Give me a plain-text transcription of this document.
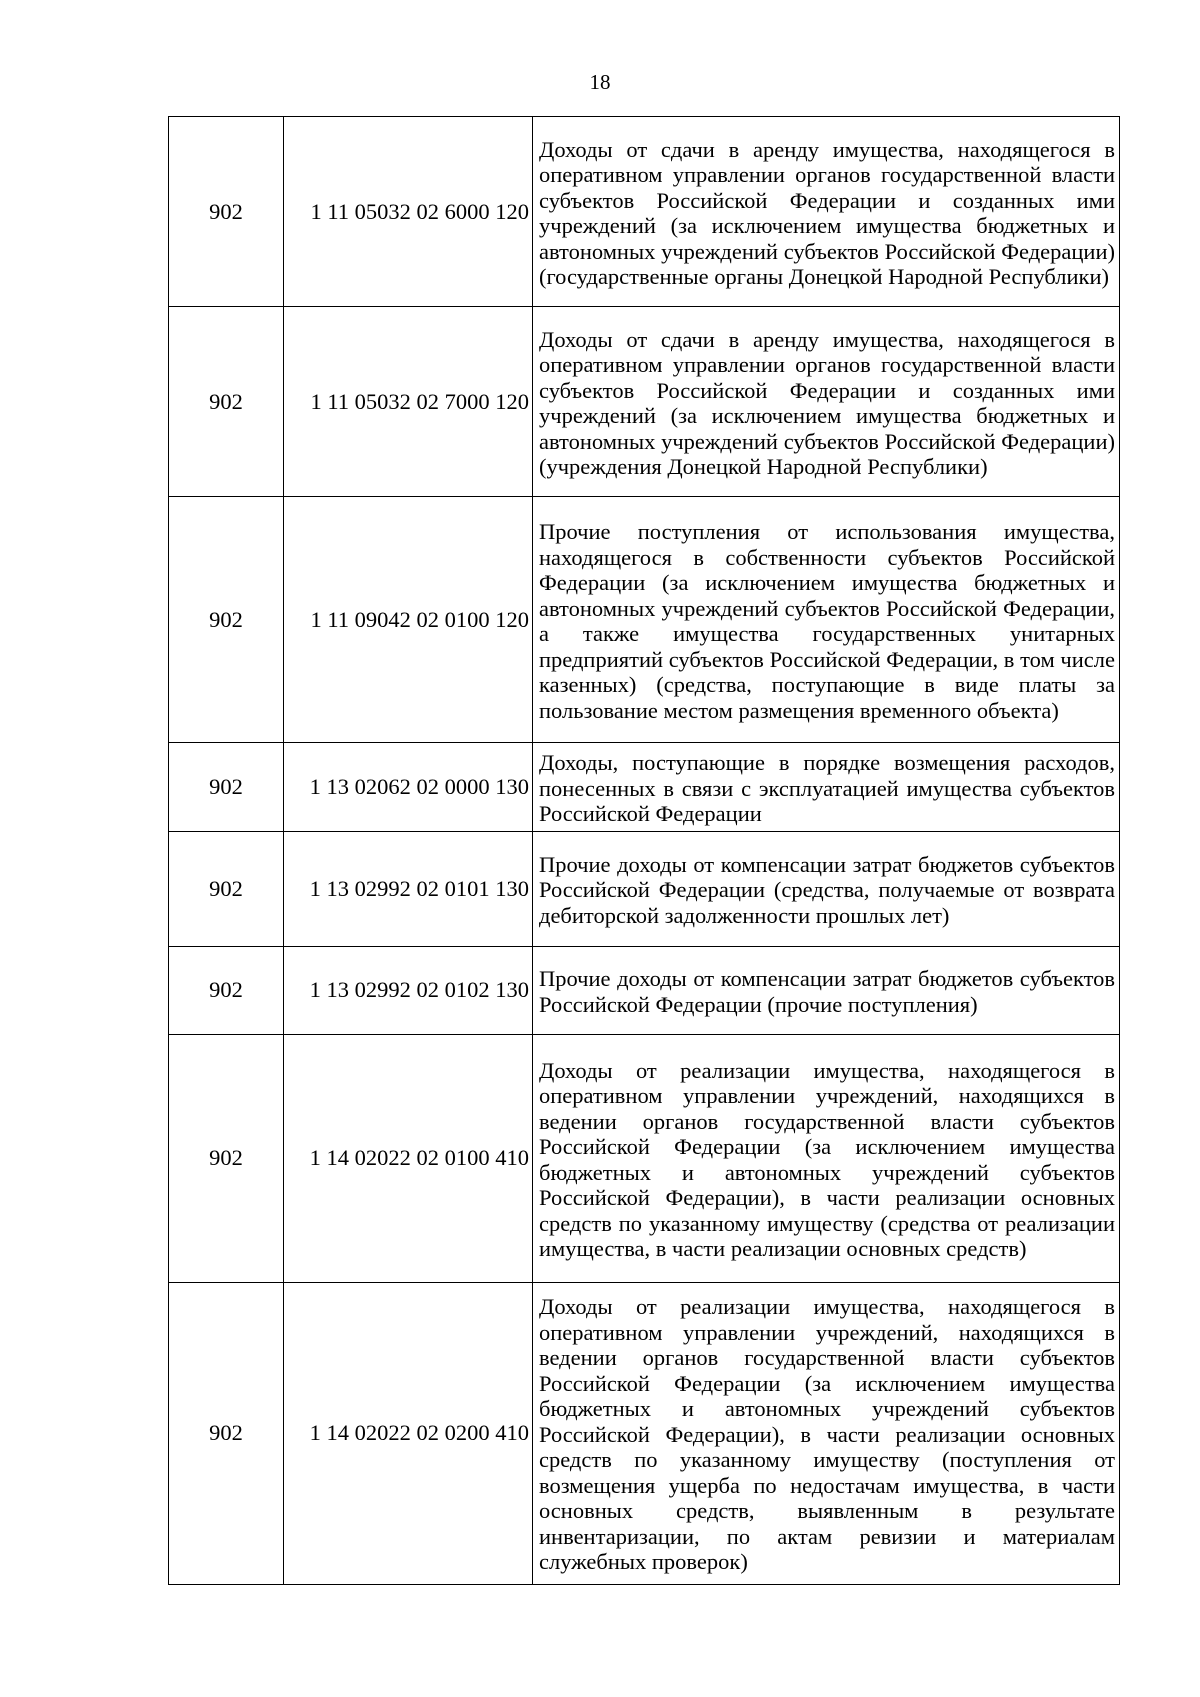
18
902	1 11 05032 02 6000 120	Доходы от сдачи в аренду имущества, находящегося в оперативном управлении органов государственной власти субъектов Российской Федерации и созданных ими учреждений (за исключением имущества бюджетных и автономных учреждений субъектов Российской Федерации) (государственные органы Донецкой Народной Республики)
902	1 11 05032 02 7000 120	Доходы от сдачи в аренду имущества, находящегося в оперативном управлении органов государственной власти субъектов Российской Федерации и созданных ими учреждений (за исключением имущества бюджетных и автономных учреждений субъектов Российской Федерации) (учреждения Донецкой Народной Республики)
902	1 11 09042 02 0100 120	Прочие поступления от использования имущества, находящегося в собственности субъектов Российской Федерации (за исключением имущества бюджетных и автономных учреждений субъектов Российской Федерации, а также имущества государственных унитарных предприятий субъектов Российской Федерации, в том числе казенных) (средства, поступающие в виде платы за пользование местом размещения временного объекта)
902	1 13 02062 02 0000 130	Доходы, поступающие в порядке возмещения расходов, понесенных в связи с эксплуатацией имущества субъектов Российской Федерации
902	1 13 02992 02 0101 130	Прочие доходы от компенсации затрат бюджетов субъектов Российской Федерации (средства, получаемые от возврата дебиторской задолженности прошлых лет)
902	1 13 02992 02 0102 130	Прочие доходы от компенсации затрат бюджетов субъектов Российской Федерации (прочие поступления)
902	1 14 02022 02 0100 410	Доходы от реализации имущества, находящегося в оперативном управлении учреждений, находящихся в ведении органов государственной власти субъектов Российской Федерации (за исключением имущества бюджетных и автономных учреждений субъектов Российской Федерации), в части реализации основных средств по указанному имуществу (средства от реализации имущества, в части реализации основных средств)
902	1 14 02022 02 0200 410	Доходы от реализации имущества, находящегося в оперативном управлении учреждений, находящихся в ведении органов государственной власти субъектов Российской Федерации (за исключением имущества бюджетных и автономных учреждений субъектов Российской Федерации), в части реализации основных средств по указанному имуществу (поступления от возмещения ущерба по недостачам имущества, в части основных средств, выявленным в результате инвентаризации, по актам ревизии и материалам служебных проверок)
